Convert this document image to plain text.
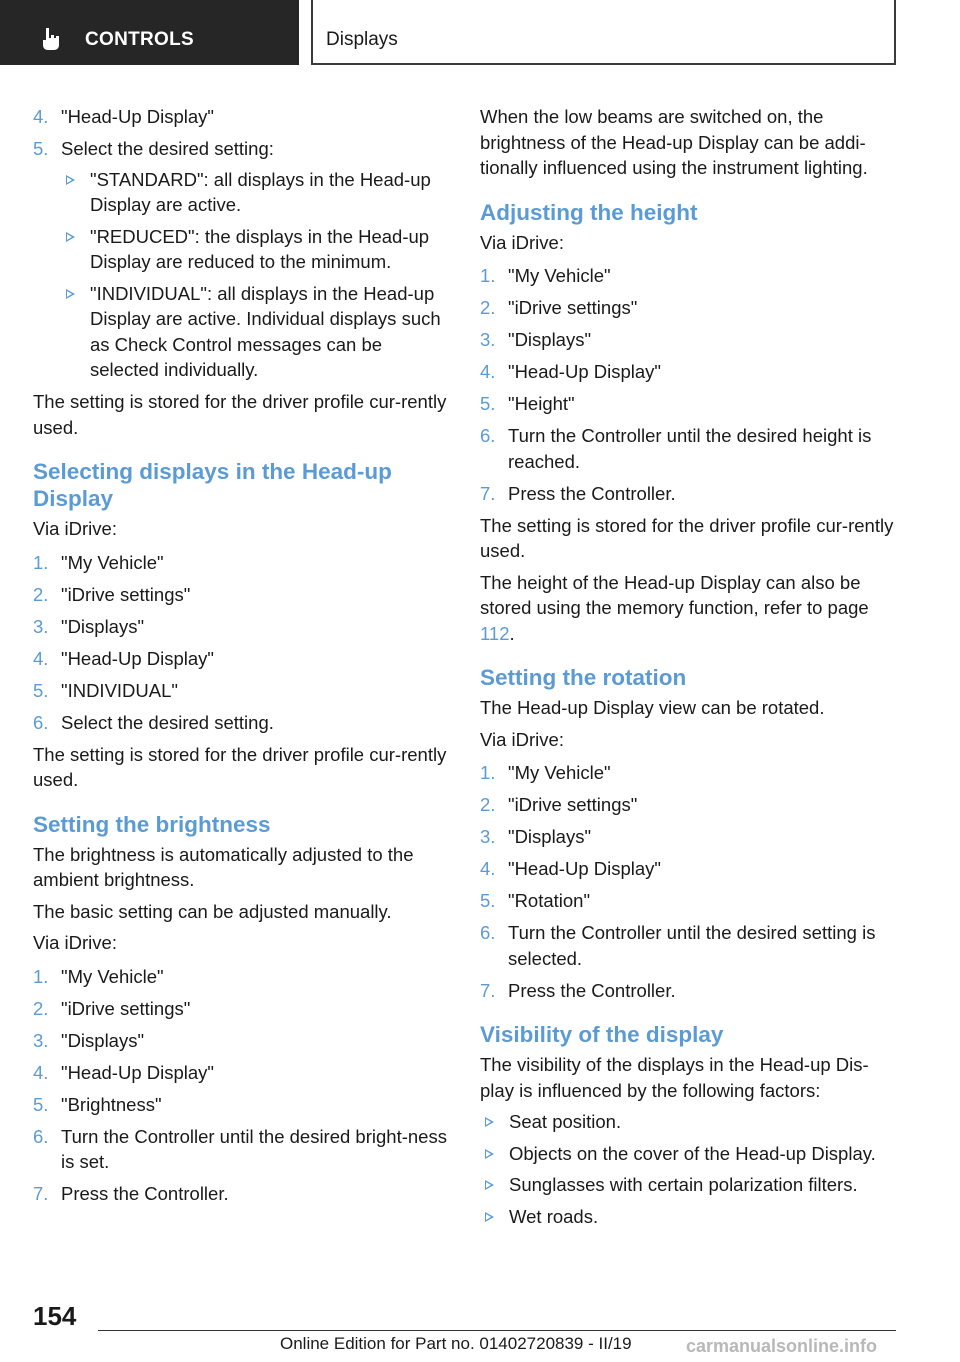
CONTROLS	Displays
4. "Head-Up Display"
5. Select the desired setting:
"STANDARD": all displays in the Head-up Display are active.
"REDUCED": the displays in the Head-up Display are reduced to the minimum.
"INDIVIDUAL": all displays in the Head-up Display are active. Individual displays such as Check Control messages can be selected individually.

The setting is stored for the driver profile cur-rently used.

Selecting displays in the Head-up Display

Via iDrive:

1. "My Vehicle"
2. "iDrive settings"
3. "Displays"
4. "Head-Up Display"
5. "INDIVIDUAL"
6. Select the desired setting.

The setting is stored for the driver profile cur-rently used.

Setting the brightness

The brightness is automatically adjusted to the ambient brightness.

The basic setting can be adjusted manually.

Via iDrive:

1. "My Vehicle"
2. "iDrive settings"
3. "Displays"
4. "Head-Up Display"
5. "Brightness"
6. Turn the Controller until the desired bright-ness is set.
7. Press the Controller.

When the low beams are switched on, the brightness of the Head-up Display can be addi-tionally influenced using the instrument lighting.

Adjusting the height

Via iDrive:

1. "My Vehicle"
2. "iDrive settings"
3. "Displays"
4. "Head-Up Display"
5. "Height"
6. Turn the Controller until the desired height is reached.
7. Press the Controller.

The setting is stored for the driver profile cur-rently used.

The height of the Head-up Display can also be stored using the memory function, refer to page 112.

Setting the rotation

The Head-up Display view can be rotated.

Via iDrive:

1. "My Vehicle"
2. "iDrive settings"
3. "Displays"
4. "Head-Up Display"
5. "Rotation"
6. Turn the Controller until the desired setting is selected.
7. Press the Controller.
Visibility of the display

The visibility of the displays in the Head-up Dis-play is influenced by the following factors:

Seat position.
Objects on the cover of the Head-up Display.
Sunglasses with certain polarization filters.
Wet roads.
154
Online Edition for Part no. 01402720839 - II/19	carmanualsonline.info
